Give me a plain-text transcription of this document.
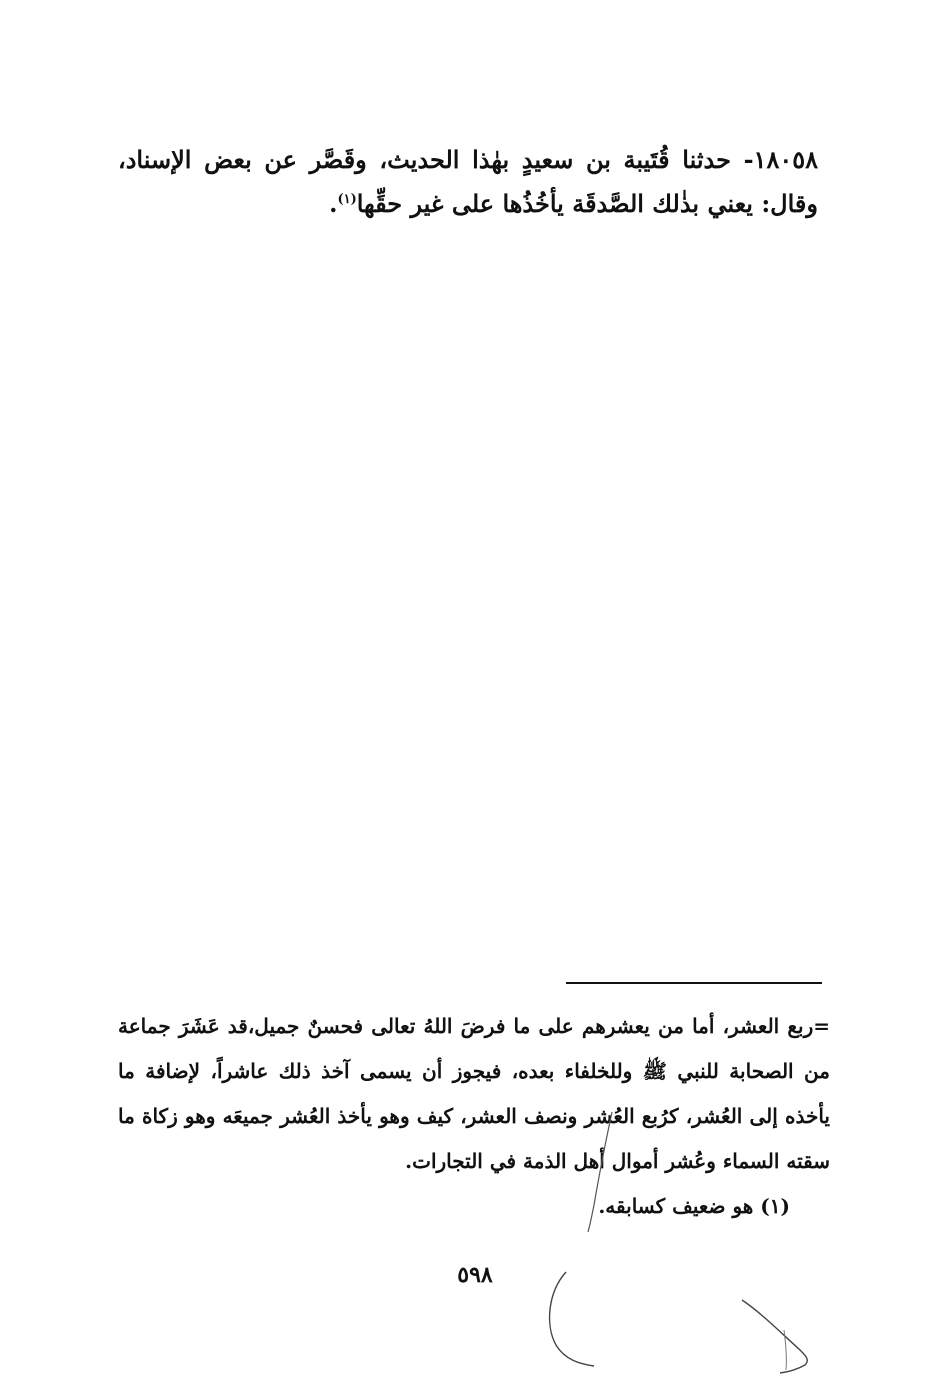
١٨٠٥٨- حدثنا قُتَيبة بن سعيدٍ بهٰذا الحديث، وقَصَّر عن بعض الإسناد، وقال: يعني بذٰلك الصَّدقَة يأخُذُها على غير حقِّها$^{(١)}$.

=ربع العشر، أما من يعشرهم على ما فرضَ اللهُ تعالى فحسنٌ جميل،قد عَشَرَ جماعة من الصحابة للنبي ﷺ وللخلفاء بعده، فيجوز أن يسمى آخذ ذلك عاشراً، لإضافة ما يأخذه إلى العُشر، كرُبع العُشر ونصف العشر، كيف وهو يأخذ العُشر جميعَه وهو زكاة ما سقته السماء وعُشر أموال أهل الذمة في التجارات.

(١) هو ضعيف كسابقه.

٥٩٨
